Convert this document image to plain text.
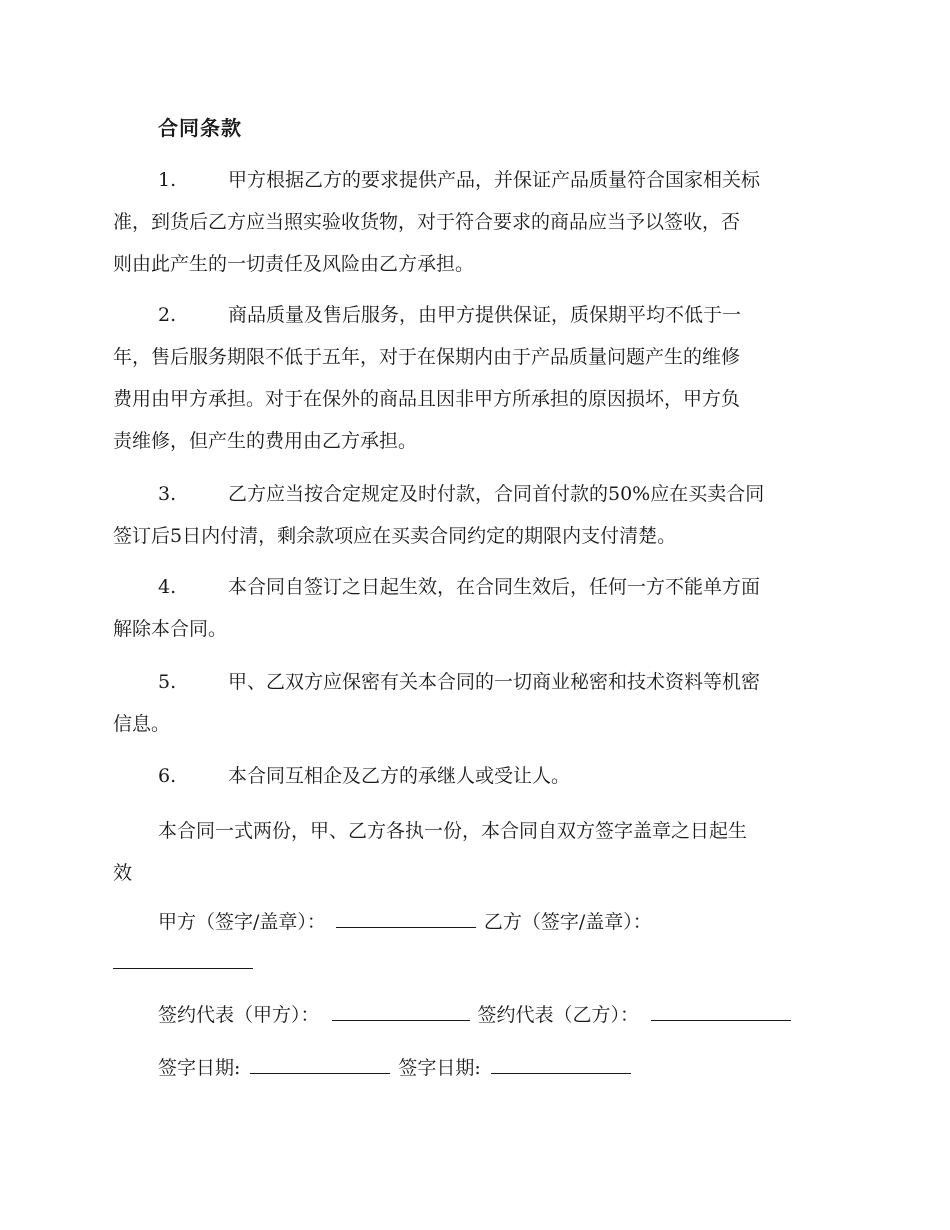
合同条款
1.	甲方根据乙方的要求提供产品，并保证产品质量符合国家相关标
准，到货后乙方应当照实验收货物，对于符合要求的商品应当予以签收，否
则由此产生的一切责任及风险由乙方承担。
2.	商品质量及售后服务，由甲方提供保证，质保期平均不低于一
年，售后服务期限不低于五年，对于在保期内由于产品质量问题产生的维修
费用由甲方承担。对于在保外的商品且因非甲方所承担的原因损坏，甲方负
责维修，但产生的费用由乙方承担。
3.	乙方应当按合定规定及时付款，合同首付款的50%应在买卖合同
签订后5日内付清，剩余款项应在买卖合同约定的期限内支付清楚。
4.	本合同自签订之日起生效，在合同生效后，任何一方不能单方面
解除本合同。
5.	甲、乙双方应保密有关本合同的一切商业秘密和技术资料等机密
信息。
6.	本合同互相企及乙方的承继人或受让人。
本合同一式两份，甲、乙方各执一份，本合同自双方签字盖章之日起生
效
甲方（签字/盖章）：	乙方（签字/盖章）：
签约代表（甲方）：	签约代表（乙方）：
签字日期:	签字日期:
